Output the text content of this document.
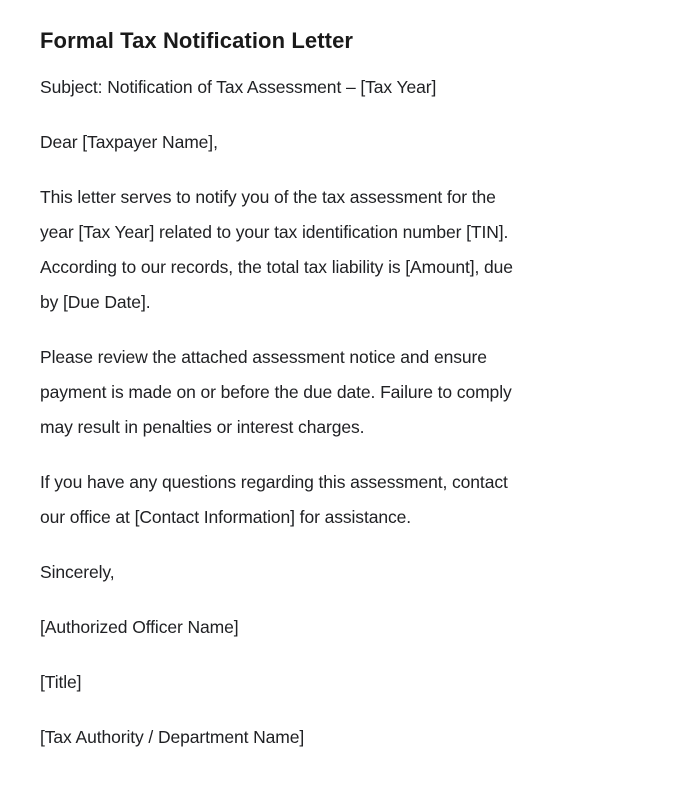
Formal Tax Notification Letter

Subject: Notification of Tax Assessment – [Tax Year]

Dear [Taxpayer Name],

This letter serves to notify you of the tax assessment for the
year [Tax Year] related to your tax identification number [TIN].
According to our records, the total tax liability is [Amount], due
by [Due Date].

Please review the attached assessment notice and ensure
payment is made on or before the due date. Failure to comply
may result in penalties or interest charges.

If you have any questions regarding this assessment, contact
our office at [Contact Information] for assistance.

Sincerely,

[Authorized Officer Name]

[Title]

[Tax Authority / Department Name]
